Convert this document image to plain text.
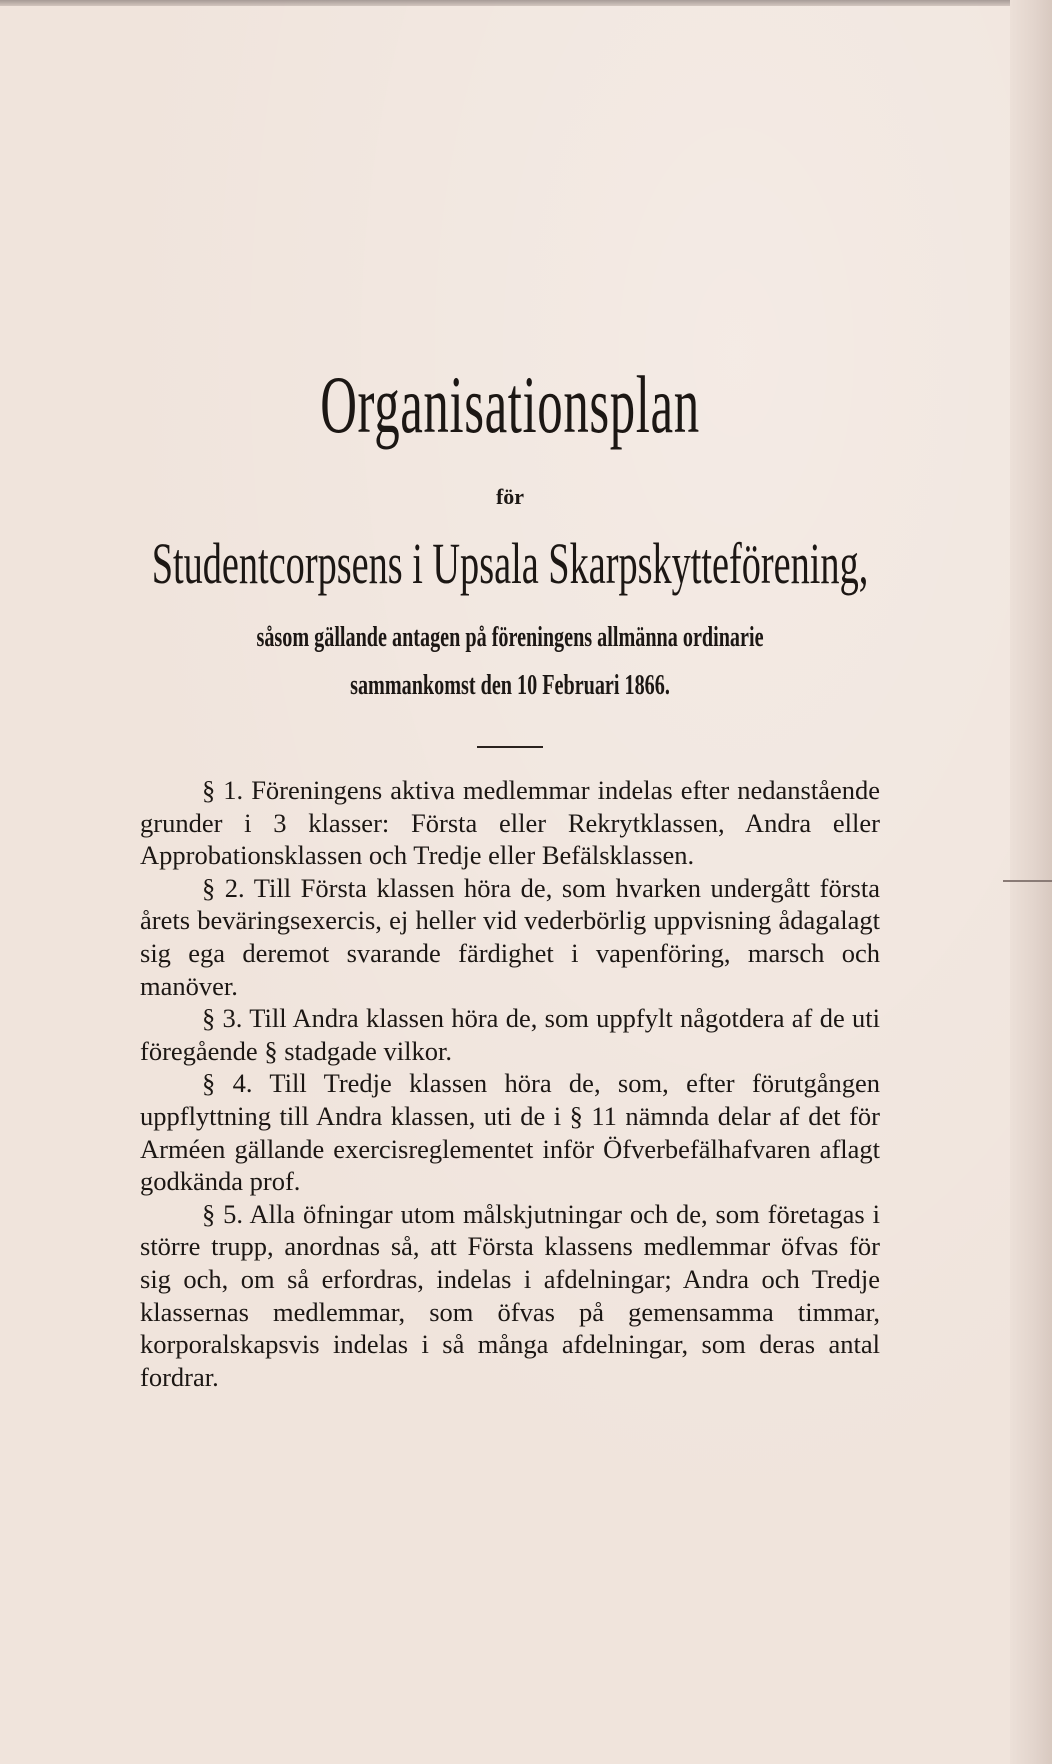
Organisationsplan
för
Studentcorpsens i Upsala Skarpskytteförening,
såsom gällande antagen på föreningens allmänna ordinarie
sammankomst den 10 Februari 1866.

§ 1. Föreningens aktiva medlemmar indelas efter nedanstående grunder i 3 klasser: Första eller Rekrytklassen, Andra eller Approbationsklassen och Tredje eller Befälsklassen.

§ 2. Till Första klassen höra de, som hvarken undergått första årets beväringsexercis, ej heller vid vederbörlig uppvisning ådagalagt sig ega deremot svarande färdighet i vapenföring, marsch och manöver.

§ 3. Till Andra klassen höra de, som uppfylt någotdera af de uti föregående § stadgade vilkor.

§ 4. Till Tredje klassen höra de, som, efter förutgången uppflyttning till Andra klassen, uti de i § 11 nämnda delar af det för Arméen gällande exercisreglementet inför Öfverbefälhafvaren aflagt godkända prof.

§ 5. Alla öfningar utom målskjutningar och de, som företagas i större trupp, anordnas så, att Första klassens medlemmar öfvas för sig och, om så erfordras, indelas i afdelningar; Andra och Tredje klassernas medlemmar, som öfvas på gemensamma timmar, korporalskapsvis indelas i så många afdelningar, som deras antal fordrar.
